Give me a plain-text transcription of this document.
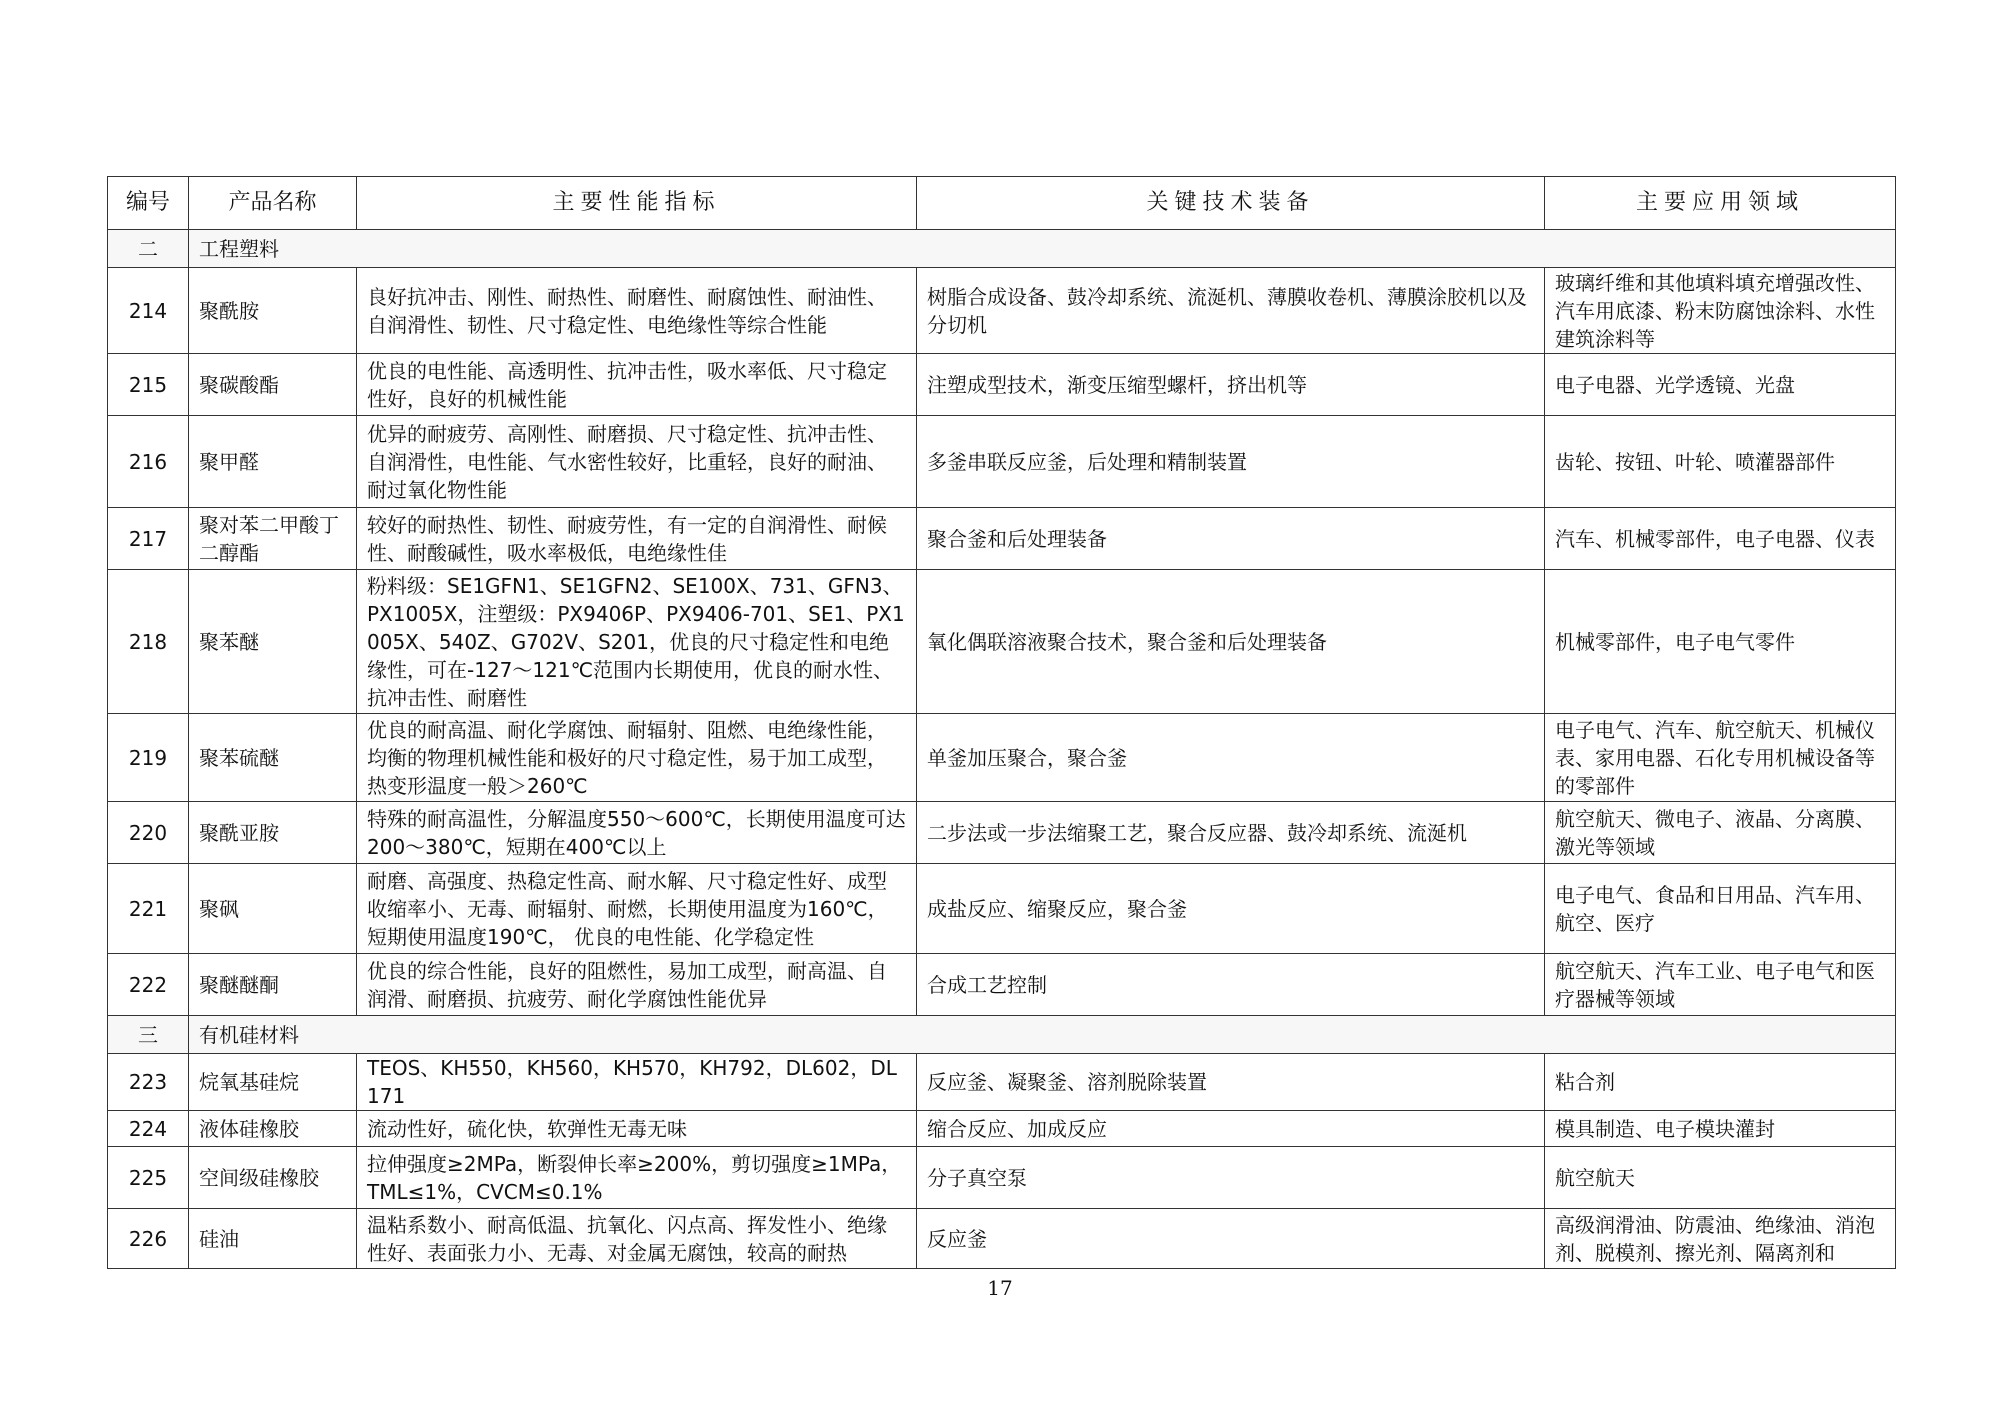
编号	产品名称	主要性能指标	关键技术装备	主要应用领域
二	工程塑料			
214	聚酰胺	良好抗冲击、刚性、耐热性、耐磨性、耐腐蚀性、耐油性、自润滑性、韧性、尺寸稳定性、电绝缘性等综合性能	树脂合成设备、鼓冷却系统、流涎机、薄膜收卷机、薄膜涂胶机以及分切机	玻璃纤维和其他填料填充增强改性、汽车用底漆、粉末防腐蚀涂料、水性建筑涂料等
215	聚碳酸酯	优良的电性能、高透明性、抗冲击性，吸水率低、尺寸稳定性好，良好的机械性能	注塑成型技术，渐变压缩型螺杆，挤出机等	电子电器、光学透镜、光盘
216	聚甲醛	优异的耐疲劳、高刚性、耐磨损、尺寸稳定性、抗冲击性、自润滑性，电性能、气水密性较好，比重轻，良好的耐油、耐过氧化物性能	多釜串联反应釜，后处理和精制装置	齿轮、按钮、叶轮、喷灌器部件
217	聚对苯二甲酸丁二醇酯	较好的耐热性、韧性、耐疲劳性，有一定的自润滑性、耐候性、耐酸碱性，吸水率极低，电绝缘性佳	聚合釜和后处理装备	汽车、机械零部件，电子电器、仪表
218	聚苯醚	粉料级：SE1GFN1、SE1GFN2、SE100X、731、GFN3、PX1005X，注塑级：PX9406P、PX9406-701、SE1、PX1005X、540Z、G702V、S201，优良的尺寸稳定性和电绝缘性，可在-127～121℃范围内长期使用，优良的耐水性、抗冲击性、耐磨性	氧化偶联溶液聚合技术，聚合釜和后处理装备	机械零部件，电子电气零件
219	聚苯硫醚	优良的耐高温、耐化学腐蚀、耐辐射、阻燃、电绝缘性能，均衡的物理机械性能和极好的尺寸稳定性，易于加工成型，热变形温度一般＞260℃	单釜加压聚合，聚合釜	电子电气、汽车、航空航天、机械仪表、家用电器、石化专用机械设备等的零部件
220	聚酰亚胺	特殊的耐高温性，分解温度550～600℃，长期使用温度可达200～380℃，短期在400℃以上	二步法或一步法缩聚工艺，聚合反应器、鼓冷却系统、流涎机	航空航天、微电子、液晶、分离膜、激光等领域
221	聚砜	耐磨、高强度、热稳定性高、耐水解、尺寸稳定性好、成型收缩率小、无毒、耐辐射、耐燃，长期使用温度为160℃，短期使用温度190℃， 优良的电性能、化学稳定性	成盐反应、缩聚反应，聚合釜	电子电气、食品和日用品、汽车用、航空、医疗
222	聚醚醚酮	优良的综合性能，良好的阻燃性，易加工成型，耐高温、自润滑、耐磨损、抗疲劳、耐化学腐蚀性能优异	合成工艺控制	航空航天、汽车工业、电子电气和医疗器械等领域
三	有机硅材料			
223	烷氧基硅烷	TEOS、KH550，KH560，KH570，KH792，DL602，DL171	反应釜、凝聚釜、溶剂脱除装置	粘合剂
224	液体硅橡胶	流动性好，硫化快，软弹性无毒无味	缩合反应、加成反应	模具制造、电子模块灌封
225	空间级硅橡胶	拉伸强度≥2MPa，断裂伸长率≥200%，剪切强度≥1MPa，TML≤1%，CVCM≤0.1%	分子真空泵	航空航天
226	硅油	温粘系数小、耐高低温、抗氧化、闪点高、挥发性小、绝缘性好、表面张力小、无毒、对金属无腐蚀，较高的耐热	反应釜	高级润滑油、防震油、绝缘油、消泡剂、脱模剂、擦光剂、隔离剂和
17
